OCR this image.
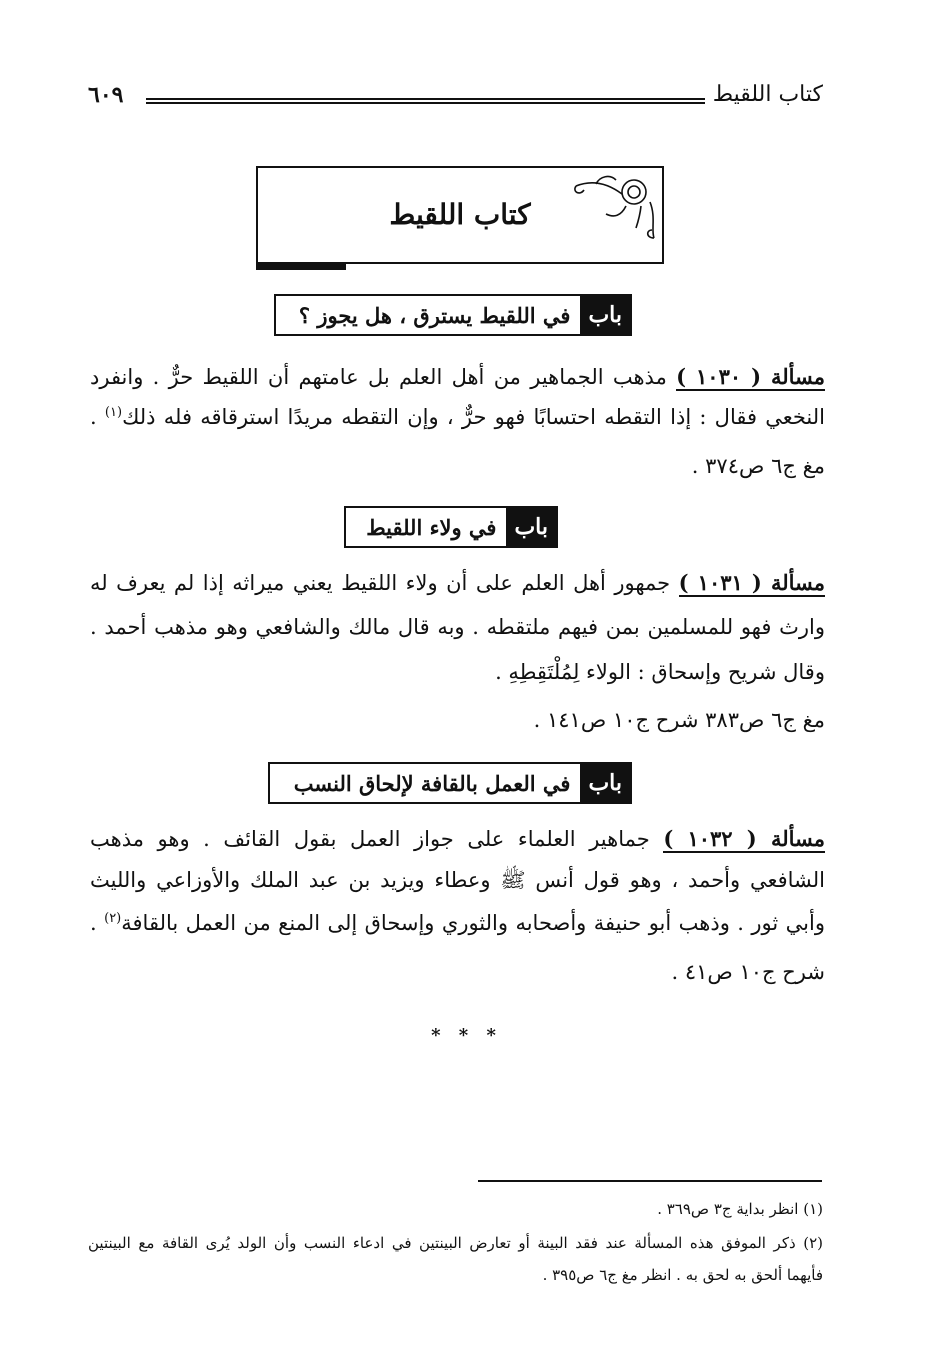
كتاب اللقيط
٦٠٩
كتاب اللقيط
باب
في اللقيط يسترق ، هل يجوز ؟
مسألة ( ١٠٣٠ ) مذهب الجماهير من أهل العلم بل عامتهم أن اللقيط حرٌّ . وانفرد
النخعي فقال : إذا التقطه احتسابًا فهو حرٌّ ، وإن التقطه مريدًا استرقاقه فله ذلك$^{(١)}$ .
مغ ج٦ ص٣٧٤ .
باب
في ولاء اللقيط
مسألة ( ١٠٣١ ) جمهور أهل العلم على أن ولاء اللقيط يعني ميراثه إذا لم يعرف له
وارث فهو للمسلمين بمن فيهم ملتقطه . وبه قال مالك والشافعي وهو مذهب أحمد .
وقال شريح وإسحاق : الولاء لِمُلْتَقِطِهِ .
مغ ج٦ ص٣٨٣ شرح ج١٠ ص١٤١ .
باب
في العمل بالقافة لإلحاق النسب
مسألة ( ١٠٣٢ ) جماهير العلماء على جواز العمل بقول القائف . وهو مذهب
الشافعي وأحمد ، وهو قول أنس ﷺ وعطاء ويزيد بن عبد الملك والأوزاعي والليث
وأبي ثور . وذهب أبو حنيفة وأصحابه والثوري وإسحاق إلى المنع من العمل بالقافة$^{(٢)}$ .
شرح ج١٠ ص٤١ .
* * *
(١) انظر بداية ج٣ ص٣٦٩ .
(٢) ذكر الموفق هذه المسألة عند فقد البينة أو تعارض البينتين في ادعاء النسب وأن الولد يُرى القافة مع البينتين
فأيهما ألحق به لحق به . انظر مغ ج٦ ص٣٩٥ .
